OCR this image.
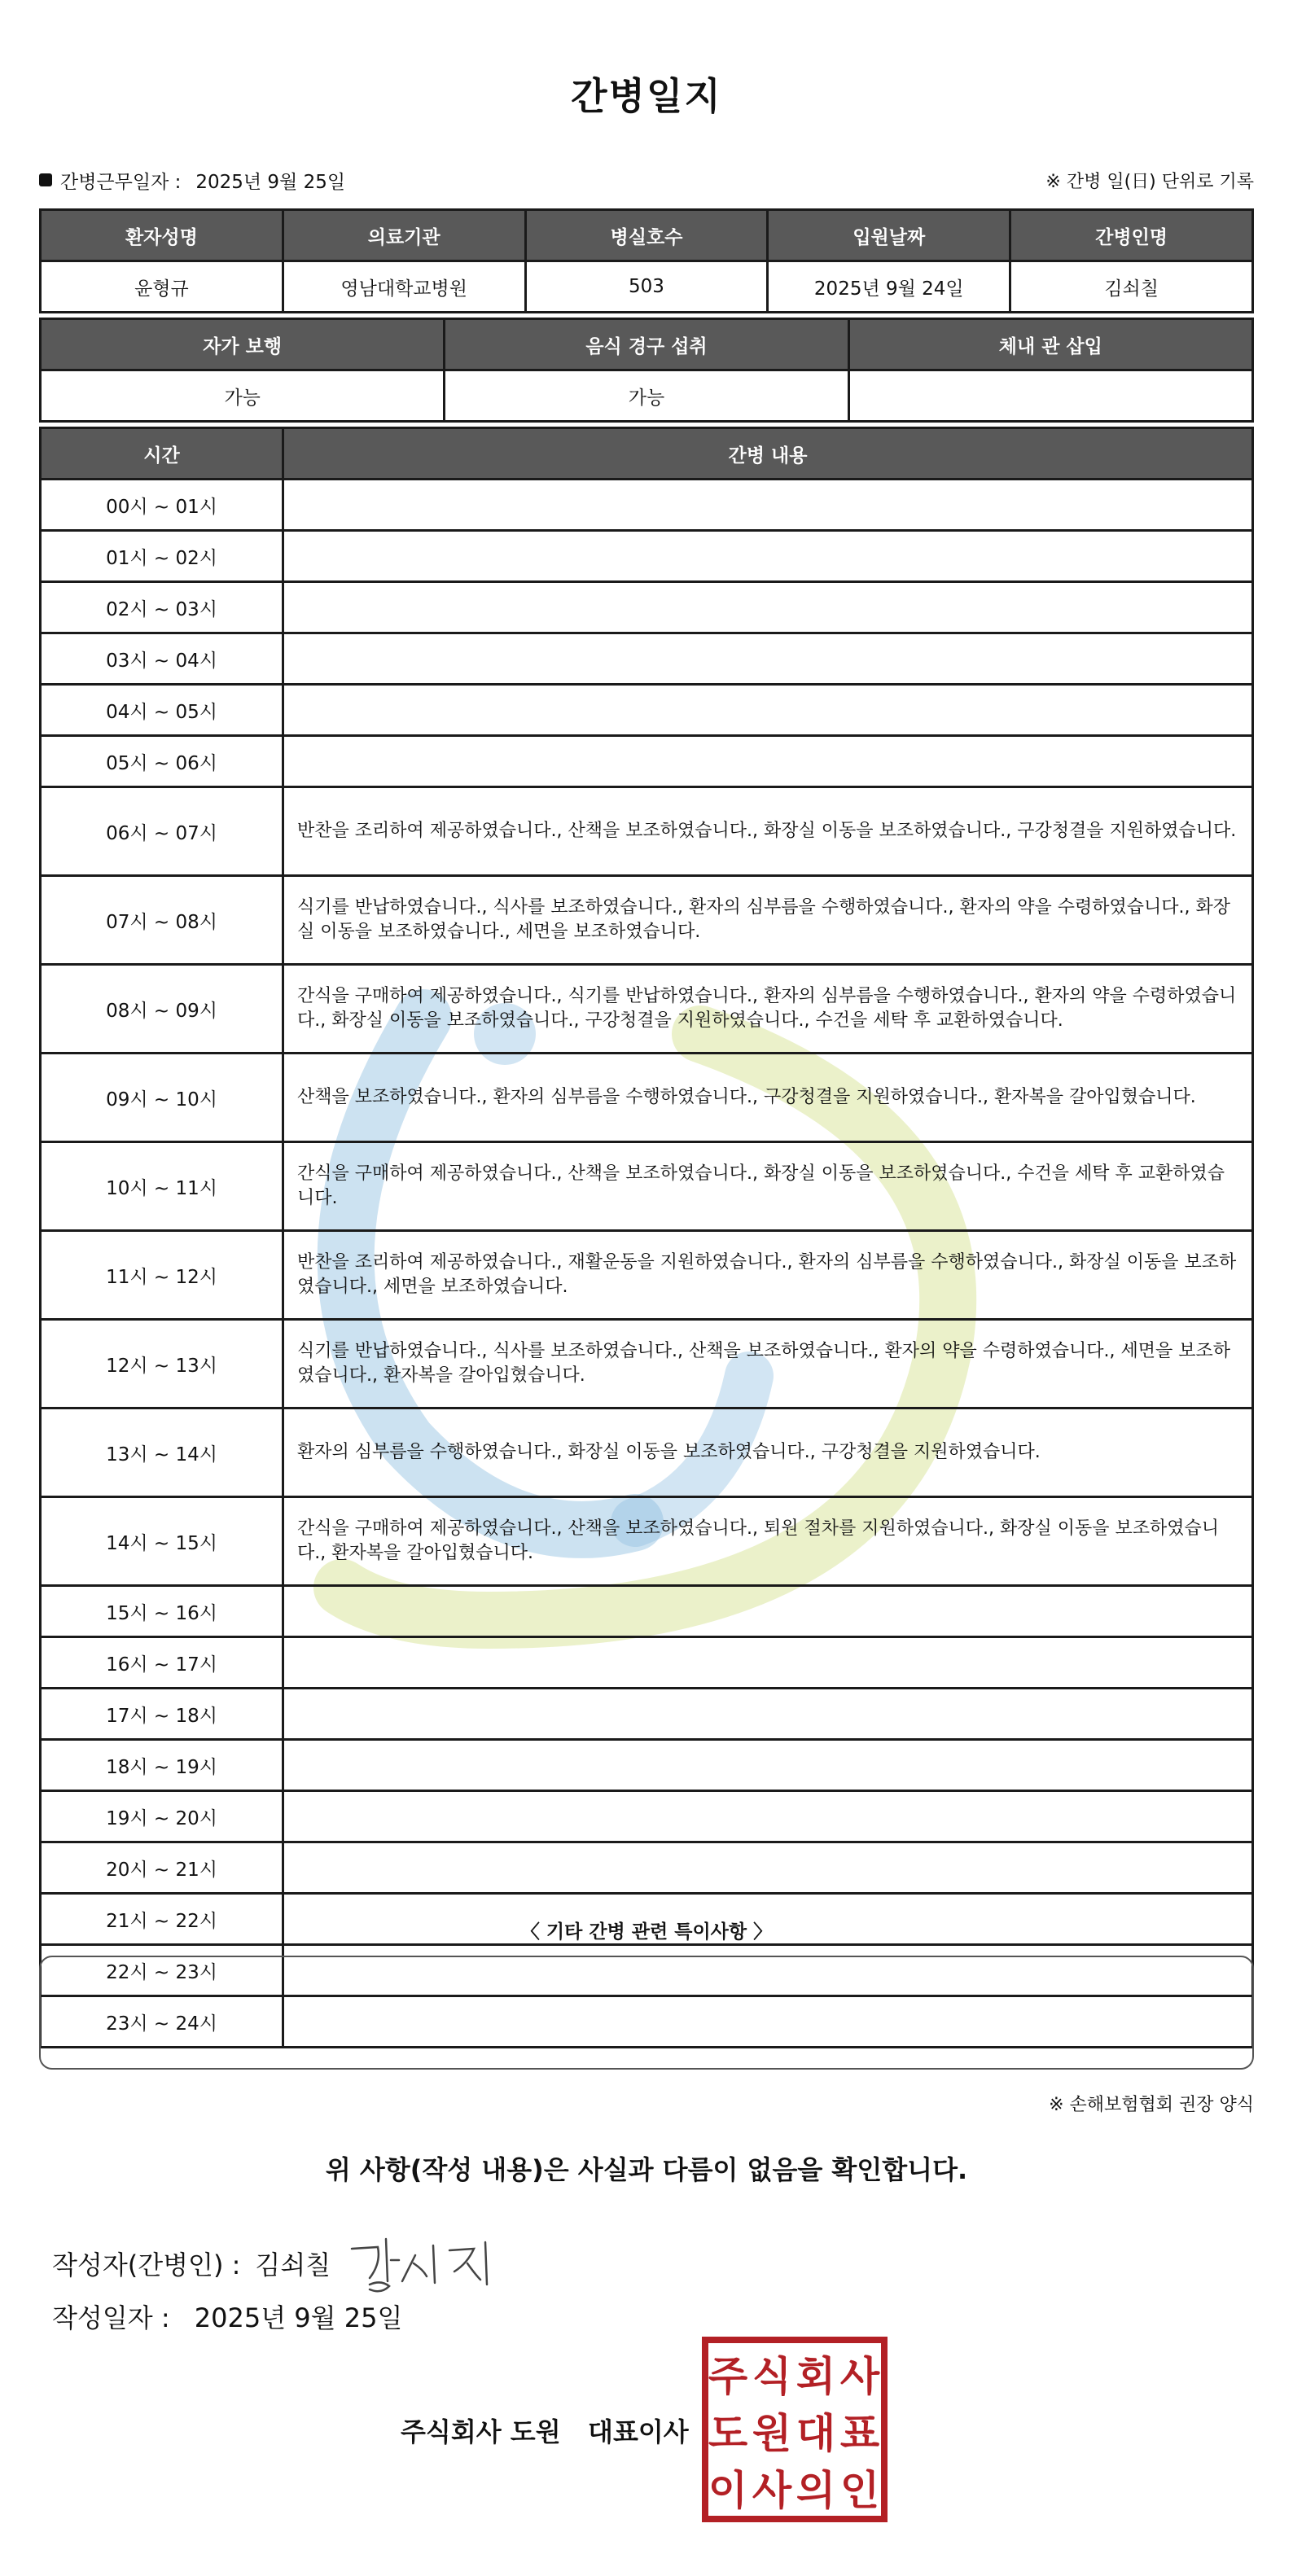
간병일지
간병근무일자 : 2025년 9월 25일	※ 간병 일(日) 단위로 기록
환자성명	의료기관	병실호수	입원날짜	간병인명
윤형규	영남대학교병원	503	2025년 9월 24일	김쇠칠
자가 보행	음식 경구 섭취	체내 관 삽입
가능	가능	
시간	간병 내용
00시 ~ 01시	
01시 ~ 02시	
02시 ~ 03시	
03시 ~ 04시	
04시 ~ 05시	
05시 ~ 06시	
06시 ~ 07시	반찬을 조리하여 제공하였습니다., 산책을 보조하였습니다., 화장실 이동을 보조하였습니다., 구강청결을 지원하였습니다.
07시 ~ 08시	식기를 반납하였습니다., 식사를 보조하였습니다., 환자의 심부름을 수행하였습니다., 환자의 약을 수령하였습니다., 화장실 이동을 보조하였습니다., 세면을 보조하였습니다.
08시 ~ 09시	간식을 구매하여 제공하였습니다., 식기를 반납하였습니다., 환자의 심부름을 수행하였습니다., 환자의 약을 수령하였습니다., 화장실 이동을 보조하였습니다., 구강청결을 지원하였습니다., 수건을 세탁 후 교환하였습니다.
09시 ~ 10시	산책을 보조하였습니다., 환자의 심부름을 수행하였습니다., 구강청결을 지원하였습니다., 환자복을 갈아입혔습니다.
10시 ~ 11시	간식을 구매하여 제공하였습니다., 산책을 보조하였습니다., 화장실 이동을 보조하였습니다., 수건을 세탁 후 교환하였습니다.
11시 ~ 12시	반찬을 조리하여 제공하였습니다., 재활운동을 지원하였습니다., 환자의 심부름을 수행하였습니다., 화장실 이동을 보조하였습니다., 세면을 보조하였습니다.
12시 ~ 13시	식기를 반납하였습니다., 식사를 보조하였습니다., 산책을 보조하였습니다., 환자의 약을 수령하였습니다., 세면을 보조하였습니다., 환자복을 갈아입혔습니다.
13시 ~ 14시	환자의 심부름을 수행하였습니다., 화장실 이동을 보조하였습니다., 구강청결을 지원하였습니다.
14시 ~ 15시	간식을 구매하여 제공하였습니다., 산책을 보조하였습니다., 퇴원 절차를 지원하였습니다., 화장실 이동을 보조하였습니다., 환자복을 갈아입혔습니다.
15시 ~ 16시	
16시 ~ 17시	
17시 ~ 18시	
18시 ~ 19시	
19시 ~ 20시	
20시 ~ 21시	
21시 ~ 22시	
22시 ~ 23시	
23시 ~ 24시	
〈 기타 간병 관련 특이사항 〉
※ 손해보험협회 권장 양식
위 사항(작성 내용)은 사실과 다름이 없음을 확인합니다.
작성자(간병인) : 김쇠칠
작성일자 : 2025년 9월 25일
주식회사 도원   대표이사
주 식 회 사
도 원 대 표
이 사 의 인
